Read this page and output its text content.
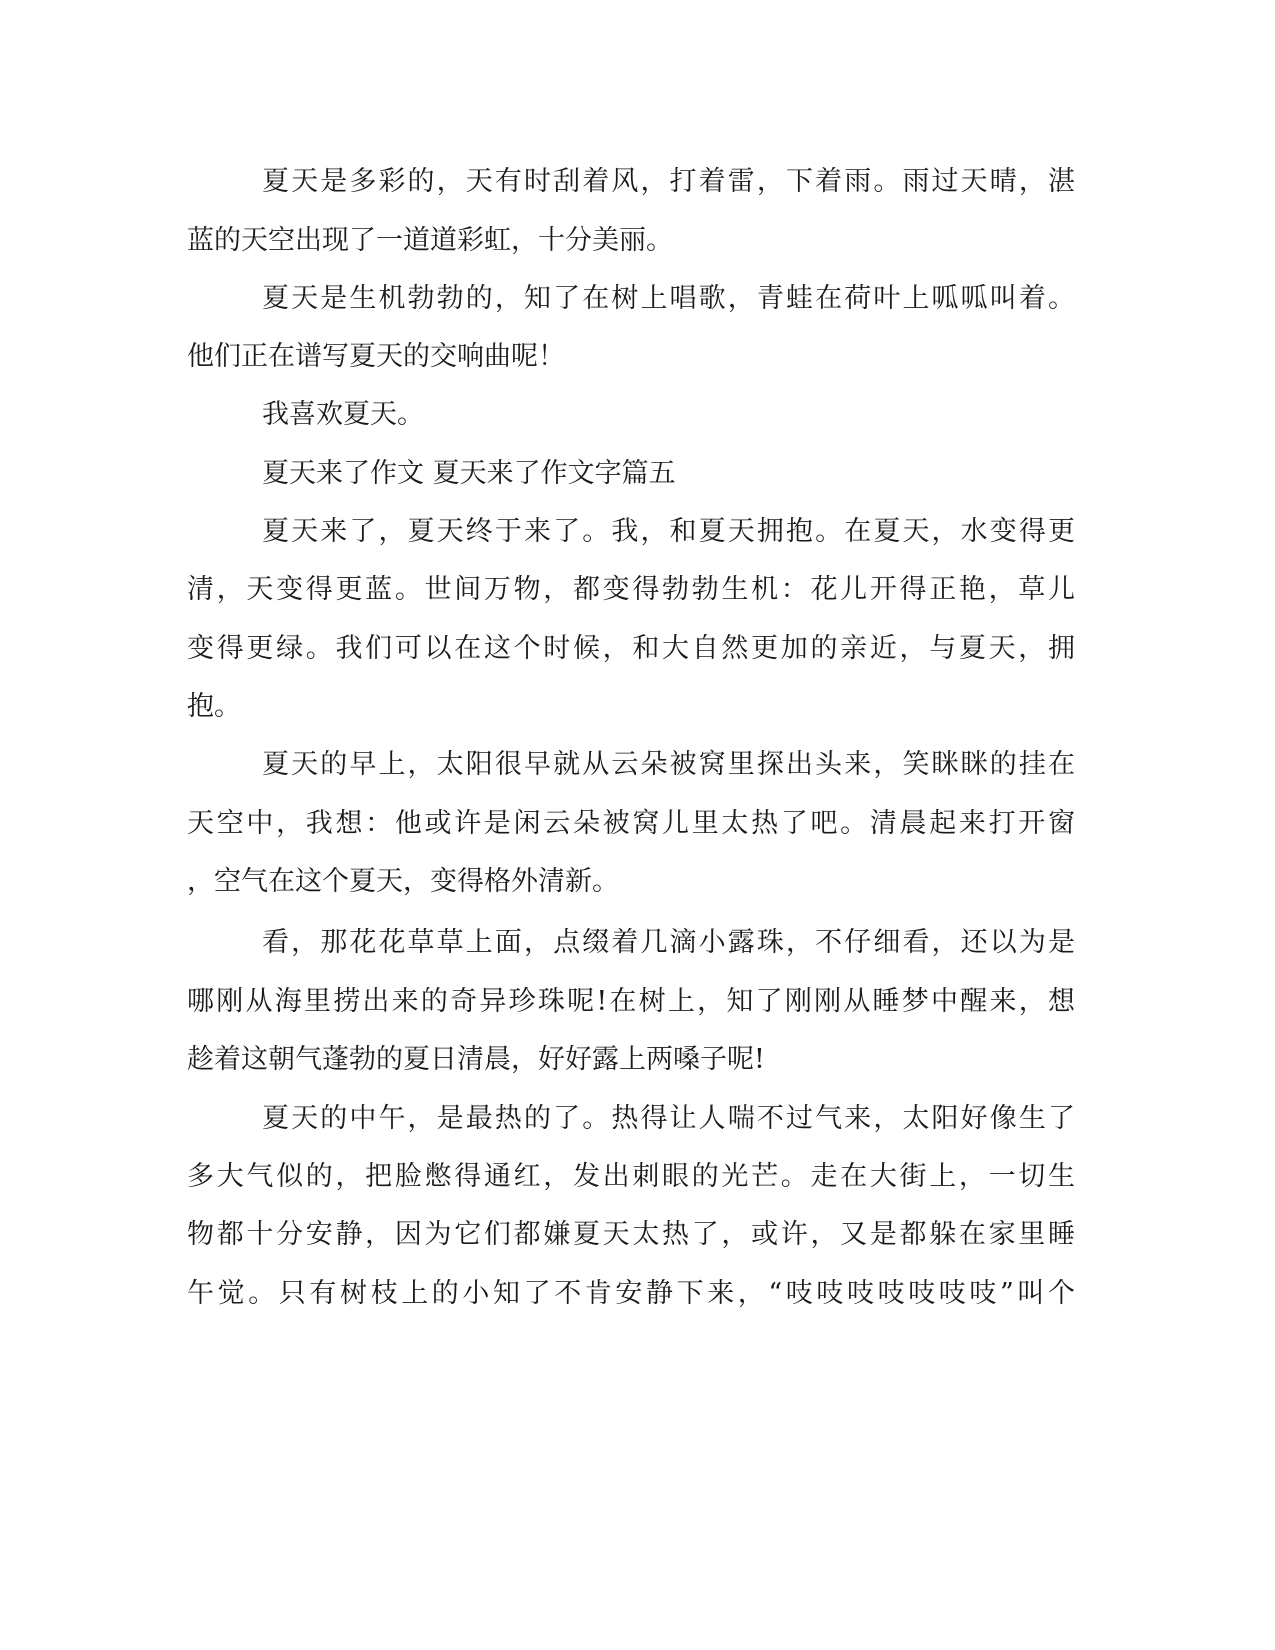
夏天是多彩的，天有时刮着风，打着雷，下着雨。雨过天晴，湛

蓝的天空出现了一道道彩虹，十分美丽。

夏天是生机勃勃的，知了在树上唱歌，青蛙在荷叶上呱呱叫着。

他们正在谱写夏天的交响曲呢！

我喜欢夏天。

夏天来了作文 夏天来了作文字篇五

夏天来了，夏天终于来了。我，和夏天拥抱。在夏天，水变得更

清，天变得更蓝。世间万物，都变得勃勃生机：花儿开得正艳，草儿

变得更绿。我们可以在这个时候，和大自然更加的亲近，与夏天，拥

抱。

夏天的早上，太阳很早就从云朵被窝里探出头来，笑眯眯的挂在

天空中，我想：他或许是闲云朵被窝儿里太热了吧。清晨起来打开窗

，空气在这个夏天，变得格外清新。

看，那花花草草上面，点缀着几滴小露珠，不仔细看，还以为是

哪刚从海里捞出来的奇异珍珠呢!在树上，知了刚刚从睡梦中醒来，想

趁着这朝气蓬勃的夏日清晨，好好露上两嗓子呢!

夏天的中午，是最热的了。热得让人喘不过气来，太阳好像生了

多大气似的，把脸憋得通红，发出刺眼的光芒。走在大街上，一切生

物都十分安静，因为它们都嫌夏天太热了，或许，又是都躲在家里睡

午觉。只有树枝上的小知了不肯安静下来，“吱吱吱吱吱吱吱”叫个
